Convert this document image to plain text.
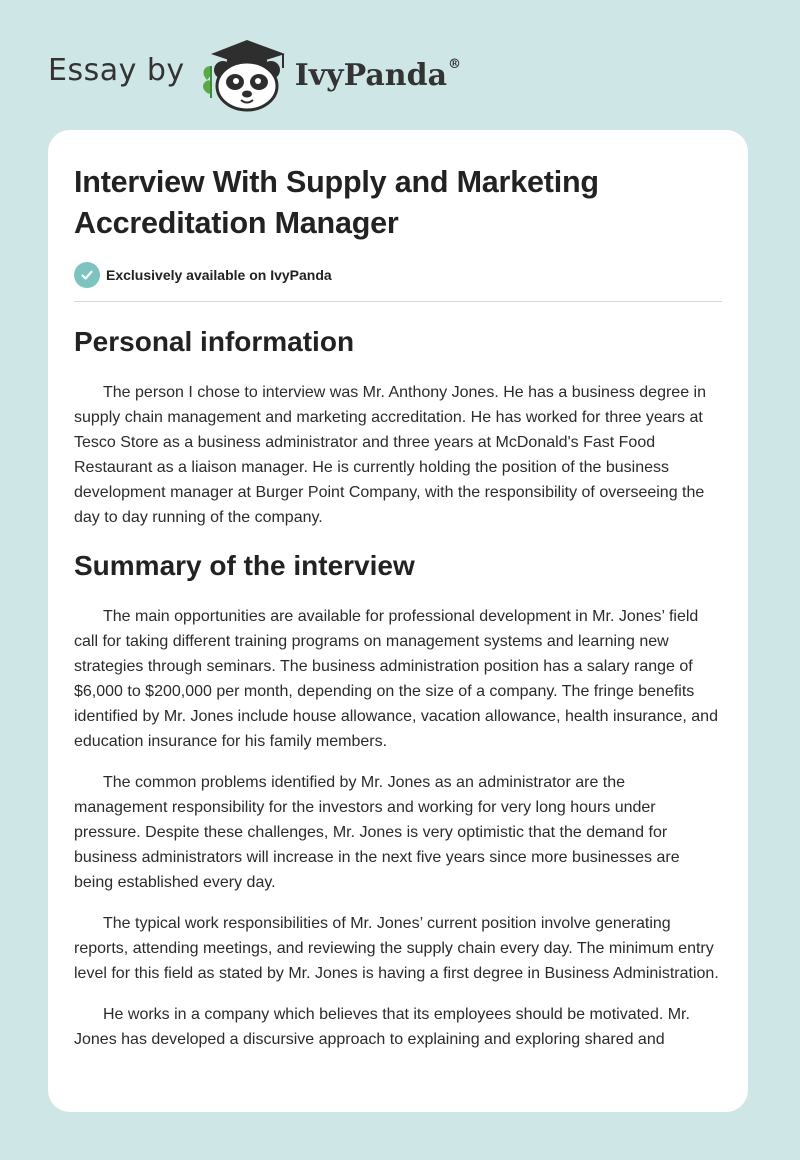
Essay by	IvyPanda®
Interview With Supply and Marketing Accreditation Manager
Exclusively available on IvyPanda
Personal information

The person I chose to interview was Mr. Anthony Jones. He has a business degree in supply chain management and marketing accreditation. He has worked for three years at Tesco Store as a business administrator and three years at McDonald's Fast Food Restaurant as a liaison manager. He is currently holding the position of the business development manager at Burger Point Company, with the responsibility of overseeing the day to day running of the company.

Summary of the interview

The main opportunities are available for professional development in Mr. Jones’ field call for taking different training programs on management systems and learning new strategies through seminars. The business administration position has a salary range of $6,000 to $200,000 per month, depending on the size of a company. The fringe benefits identified by Mr. Jones include house allowance, vacation allowance, health insurance, and education insurance for his family members.

The common problems identified by Mr. Jones as an administrator are the management responsibility for the investors and working for very long hours under pressure. Despite these challenges, Mr. Jones is very optimistic that the demand for business administrators will increase in the next five years since more businesses are being established every day.

The typical work responsibilities of Mr. Jones’ current position involve generating reports, attending meetings, and reviewing the supply chain every day. The minimum entry level for this field as stated by Mr. Jones is having a first degree in Business Administration.

He works in a company which believes that its employees should be motivated. Mr. Jones has developed a discursive approach to explaining and exploring shared and
